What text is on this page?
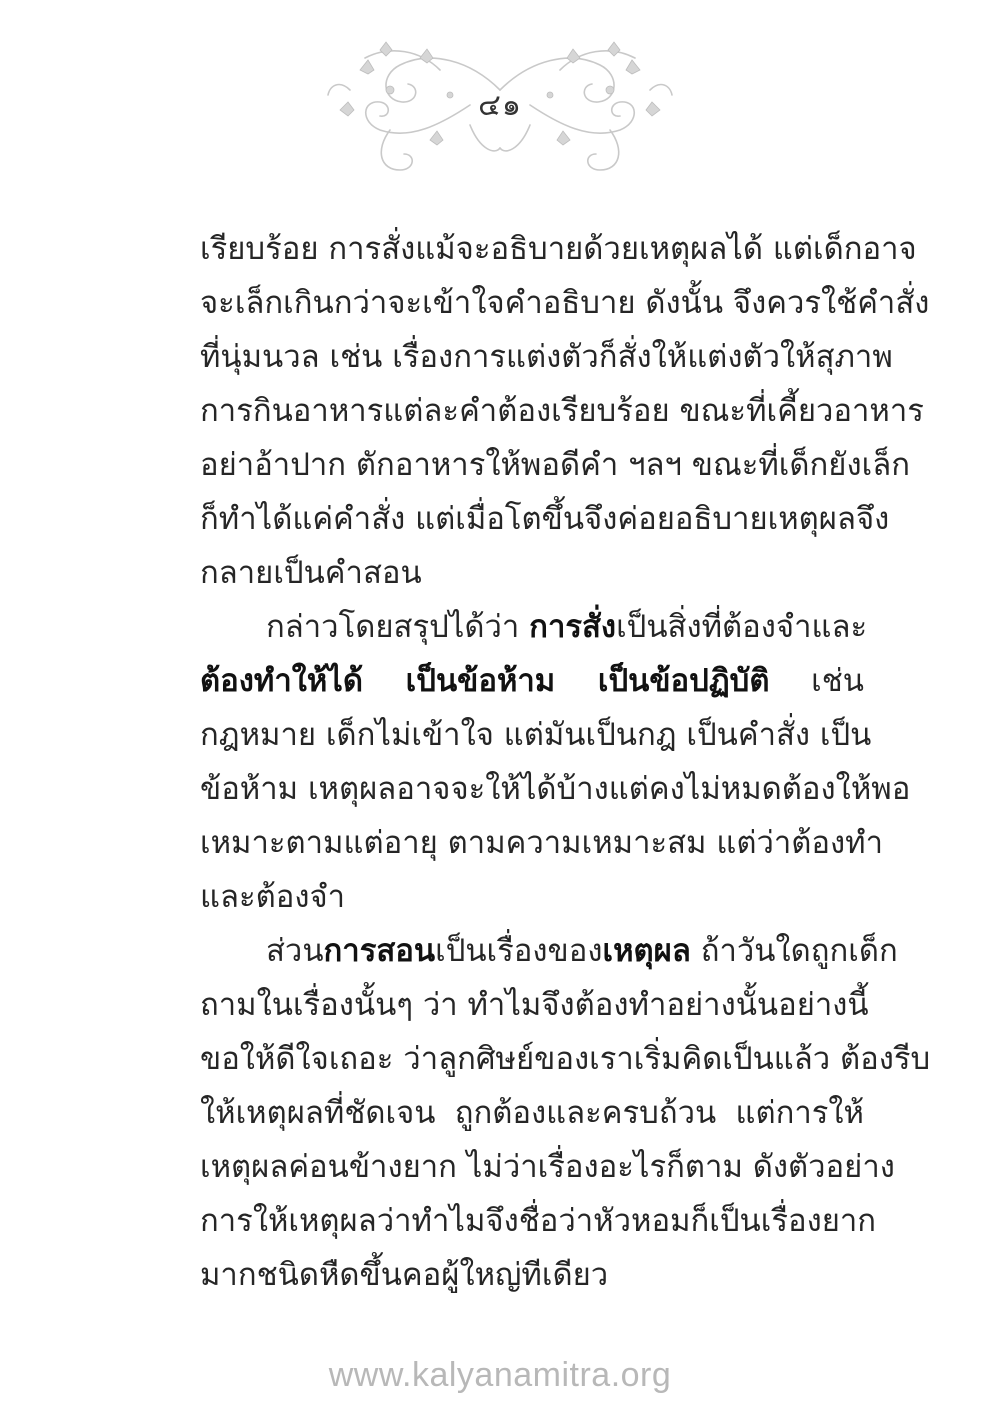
๔๑
เรียบร้อย การสั่งแม้จะอธิบายด้วยเหตุผลได้ แต่เด็กอาจ
จะเล็กเกินกว่าจะเข้าใจคำอธิบาย ดังนั้น จึงควรใช้คำสั่ง
ที่นุ่มนวล เช่น เรื่องการแต่งตัวก็สั่งให้แต่งตัวให้สุภาพ
การกินอาหารแต่ละคำต้องเรียบร้อย ขณะที่เคี้ยวอาหาร
อย่าอ้าปาก ตักอาหารให้พอดีคำ ฯลฯ ขณะที่เด็กยังเล็ก
ก็ทำได้แค่คำสั่ง แต่เมื่อโตขึ้นจึงค่อยอธิบายเหตุผลจึง
กลายเป็นคำสอน
กล่าวโดยสรุปได้ว่า การสั่งเป็นสิ่งที่ต้องจำและ
ต้องทำให้ได้ เป็นข้อห้าม เป็นข้อปฏิบัติ เช่น
กฎหมาย เด็กไม่เข้าใจ แต่มันเป็นกฎ เป็นคำสั่ง เป็น
ข้อห้าม เหตุผลอาจจะให้ได้บ้างแต่คงไม่หมดต้องให้พอ
เหมาะตามแต่อายุ ตามความเหมาะสม แต่ว่าต้องทำ
และต้องจำ
ส่วนการสอนเป็นเรื่องของเหตุผล ถ้าวันใดถูกเด็ก
ถามในเรื่องนั้นๆ ว่า ทำไมจึงต้องทำอย่างนั้นอย่างนี้
ขอให้ดีใจเถอะ ว่าลูกศิษย์ของเราเริ่มคิดเป็นแล้ว ต้องรีบ
ให้เหตุผลที่ชัดเจน ถูกต้องและครบถ้วน แต่การให้
เหตุผลค่อนข้างยาก ไม่ว่าเรื่องอะไรก็ตาม ดังตัวอย่าง
การให้เหตุผลว่าทำไมจึงชื่อว่าหัวหอมก็เป็นเรื่องยาก
มากชนิดหืดขึ้นคอผู้ใหญ่ทีเดียว
www.kalyanamitra.org
